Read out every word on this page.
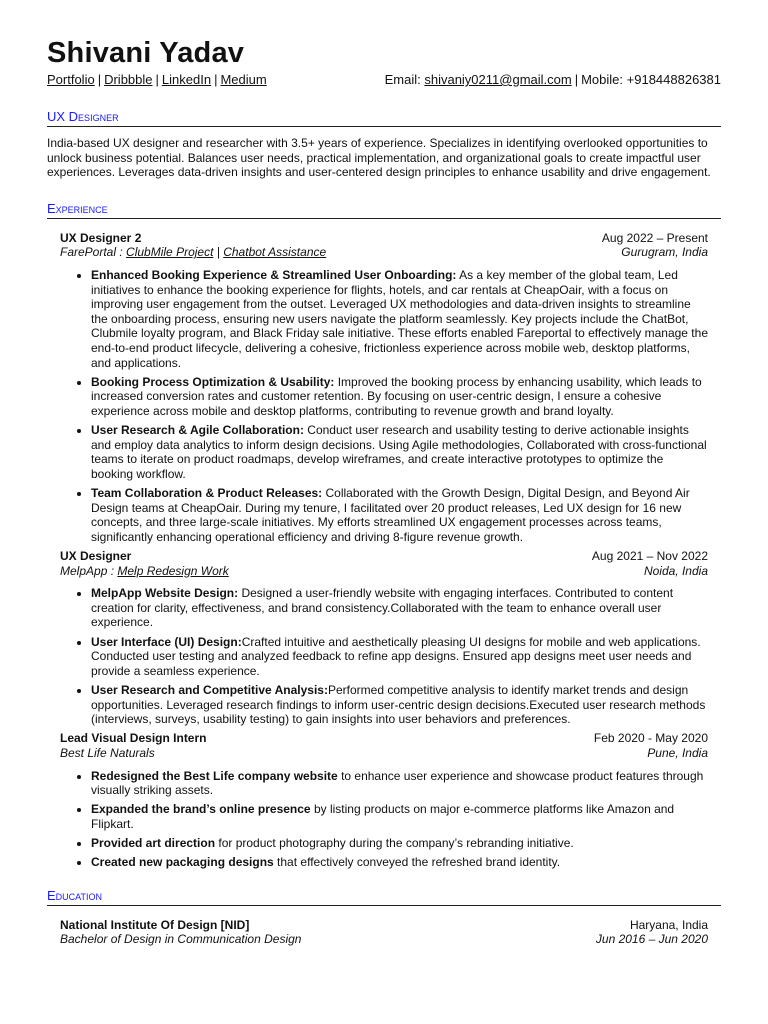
Shivani Yadav
Portfolio | Dribbble | LinkedIn | Medium	Email: shivaniy0211@gmail.com | Mobile: +918448826381
UX Designer
India-based UX designer and researcher with 3.5+ years of experience. Specializes in identifying overlooked opportunities to unlock business potential. Balances user needs, practical implementation, and organizational goals to create impactful user experiences. Leverages data-driven insights and user-centered design principles to enhance usability and drive engagement.
Experience
UX Designer 2	Aug 2022 – Present
FarePortal : ClubMile Project | Chatbot Assistance	Gurugram, India
• Enhanced Booking Experience & Streamlined User Onboarding: As a key member of the global team, Led initiatives to enhance the booking experience for flights, hotels, and car rentals at CheapOair, with a focus on improving user engagement from the outset. Leveraged UX methodologies and data-driven insights to streamline the onboarding process, ensuring new users navigate the platform seamlessly. Key projects include the ChatBot, Clubmile loyalty program, and Black Friday sale initiative. These efforts enabled Fareportal to effectively manage the end-to-end product lifecycle, delivering a cohesive, frictionless experience across mobile web, desktop platforms, and applications.
• Booking Process Optimization & Usability: Improved the booking process by enhancing usability, which leads to increased conversion rates and customer retention. By focusing on user-centric design, I ensure a cohesive experience across mobile and desktop platforms, contributing to revenue growth and brand loyalty.
• User Research & Agile Collaboration: Conduct user research and usability testing to derive actionable insights and employ data analytics to inform design decisions. Using Agile methodologies, Collaborated with cross-functional teams to iterate on product roadmaps, develop wireframes, and create interactive prototypes to optimize the booking workflow.
• Team Collaboration & Product Releases: Collaborated with the Growth Design, Digital Design, and Beyond Air Design teams at CheapOair. During my tenure, I facilitated over 20 product releases, Led UX design for 16 new concepts, and three large-scale initiatives. My efforts streamlined UX engagement processes across teams, significantly enhancing operational efficiency and driving 8-figure revenue growth.
UX Designer	Aug 2021 – Nov 2022
MelpApp : Melp Redesign Work	Noida, India
• MelpApp Website Design: Designed a user-friendly website with engaging interfaces. Contributed to content creation for clarity, effectiveness, and brand consistency.Collaborated with the team to enhance overall user experience.
• User Interface (UI) Design:Crafted intuitive and aesthetically pleasing UI designs for mobile and web applications. Conducted user testing and analyzed feedback to refine app designs. Ensured app designs meet user needs and provide a seamless experience.
• User Research and Competitive Analysis:Performed competitive analysis to identify market trends and design opportunities. Leveraged research findings to inform user-centric design decisions.Executed user research methods (interviews, surveys, usability testing) to gain insights into user behaviors and preferences.
Lead Visual Design Intern	Feb 2020 - May 2020
Best Life Naturals	Pune, India
• Redesigned the Best Life company website to enhance user experience and showcase product features through visually striking assets.
• Expanded the brand’s online presence by listing products on major e-commerce platforms like Amazon and Flipkart.
• Provided art direction for product photography during the company’s rebranding initiative.
• Created new packaging designs that effectively conveyed the refreshed brand identity.
Education
National Institute Of Design [NID]	Haryana, India
Bachelor of Design in Communication Design	Jun 2016 – Jun 2020
